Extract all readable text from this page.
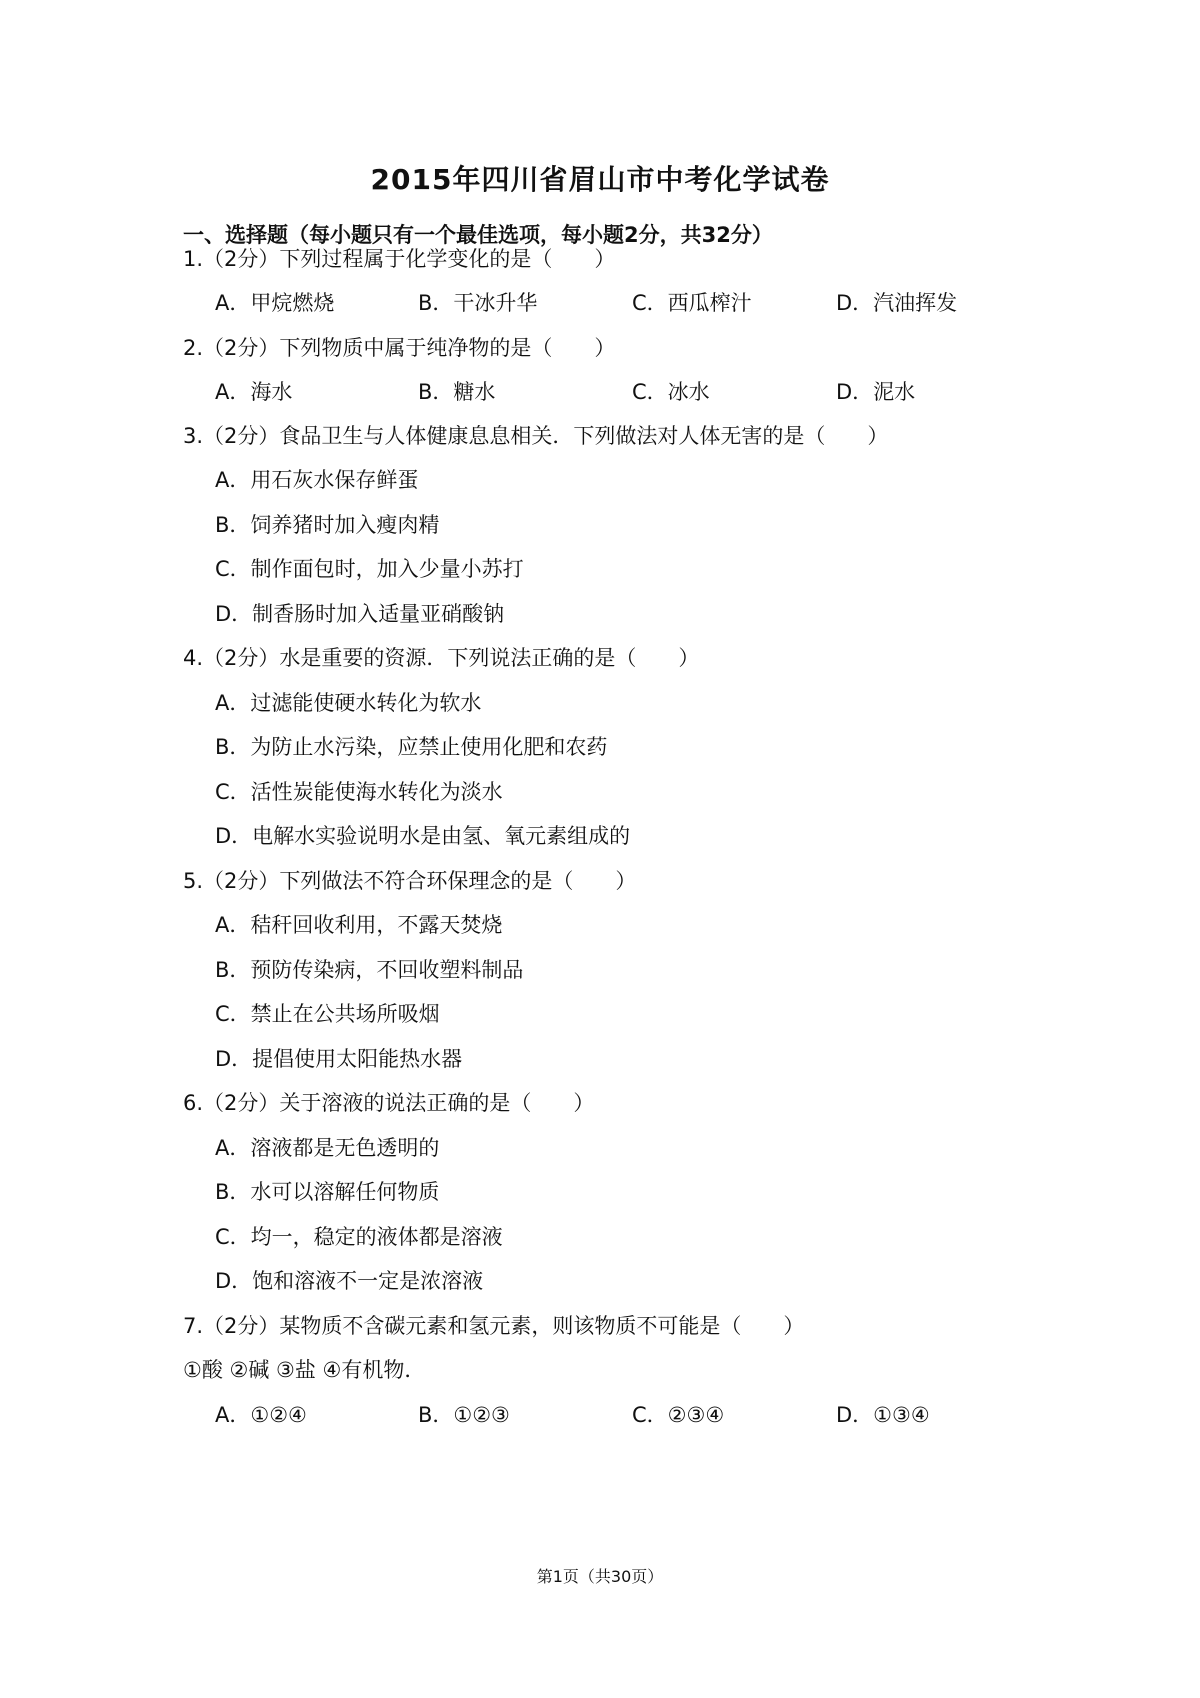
2015年四川省眉山市中考化学试卷
一、选择题（每小题只有一个最佳选项，每小题2分，共32分）
1.（2分）下列过程属于化学变化的是（　　）
A．甲烷燃烧	B．干冰升华	C．西瓜榨汁	D．汽油挥发
2.（2分）下列物质中属于纯净物的是（　　）
A．海水	B．糖水	C．冰水	D．泥水
3.（2分）食品卫生与人体健康息息相关．下列做法对人体无害的是（　　）
A．用石灰水保存鲜蛋
B．饲养猪时加入瘦肉精
C．制作面包时，加入少量小苏打
D．制香肠时加入适量亚硝酸钠
4.（2分）水是重要的资源．下列说法正确的是（　　）
A．过滤能使硬水转化为软水
B．为防止水污染，应禁止使用化肥和农药
C．活性炭能使海水转化为淡水
D．电解水实验说明水是由氢、氧元素组成的
5.（2分）下列做法不符合环保理念的是（　　）
A．秸秆回收利用，不露天焚烧
B．预防传染病，不回收塑料制品
C．禁止在公共场所吸烟
D．提倡使用太阳能热水器
6.（2分）关于溶液的说法正确的是（　　）
A．溶液都是无色透明的
B．水可以溶解任何物质
C．均一，稳定的液体都是溶液
D．饱和溶液不一定是浓溶液
7.（2分）某物质不含碳元素和氢元素，则该物质不可能是（　　）
①酸 ②碱 ③盐 ④有机物．
A．①②④	B．①②③	C．②③④	D．①③④
第1页（共30页）
